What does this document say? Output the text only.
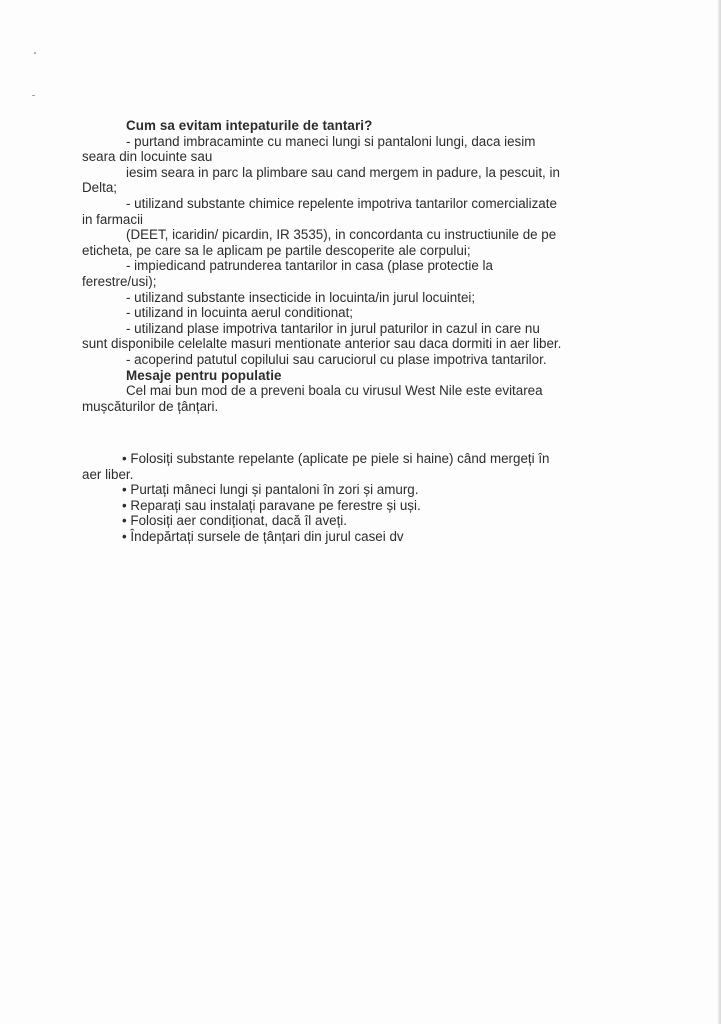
Cum sa evitam intepaturile de tantari?
- purtand imbracaminte cu maneci lungi si pantaloni lungi, daca iesim
seara din locuinte sau
iesim seara in parc la plimbare sau cand mergem in padure, la pescuit, in
Delta;
- utilizand substante chimice repelente impotriva tantarilor comercializate
in farmacii
(DEET, icaridin/ picardin, IR 3535), in concordanta cu instructiunile de pe
eticheta, pe care sa le aplicam pe partile descoperite ale corpului;
- impiedicand patrunderea tantarilor in casa (plase protectie la
ferestre/usi);
- utilizand substante insecticide in locuinta/in jurul locuintei;
- utilizand in locuinta aerul conditionat;
- utilizand plase impotriva tantarilor in jurul paturilor in cazul in care nu
sunt disponibile celelalte masuri mentionate anterior sau daca dormiti in aer liber.
- acoperind patutul copilului sau caruciorul cu plase impotriva tantarilor.
Mesaje pentru populatie
Cel mai bun mod de a preveni boala cu virusul West Nile este evitarea
mușcăturilor de țânțari.
• Folosiți substante repelante (aplicate pe piele si haine) când mergeți în
aer liber.
• Purtați mâneci lungi și pantaloni în zori și amurg.
• Reparați sau instalați paravane pe ferestre și uși.
• Folosiți aer condiționat, dacă îl aveți.
• Îndepărtați sursele de țânțari din jurul casei dv
